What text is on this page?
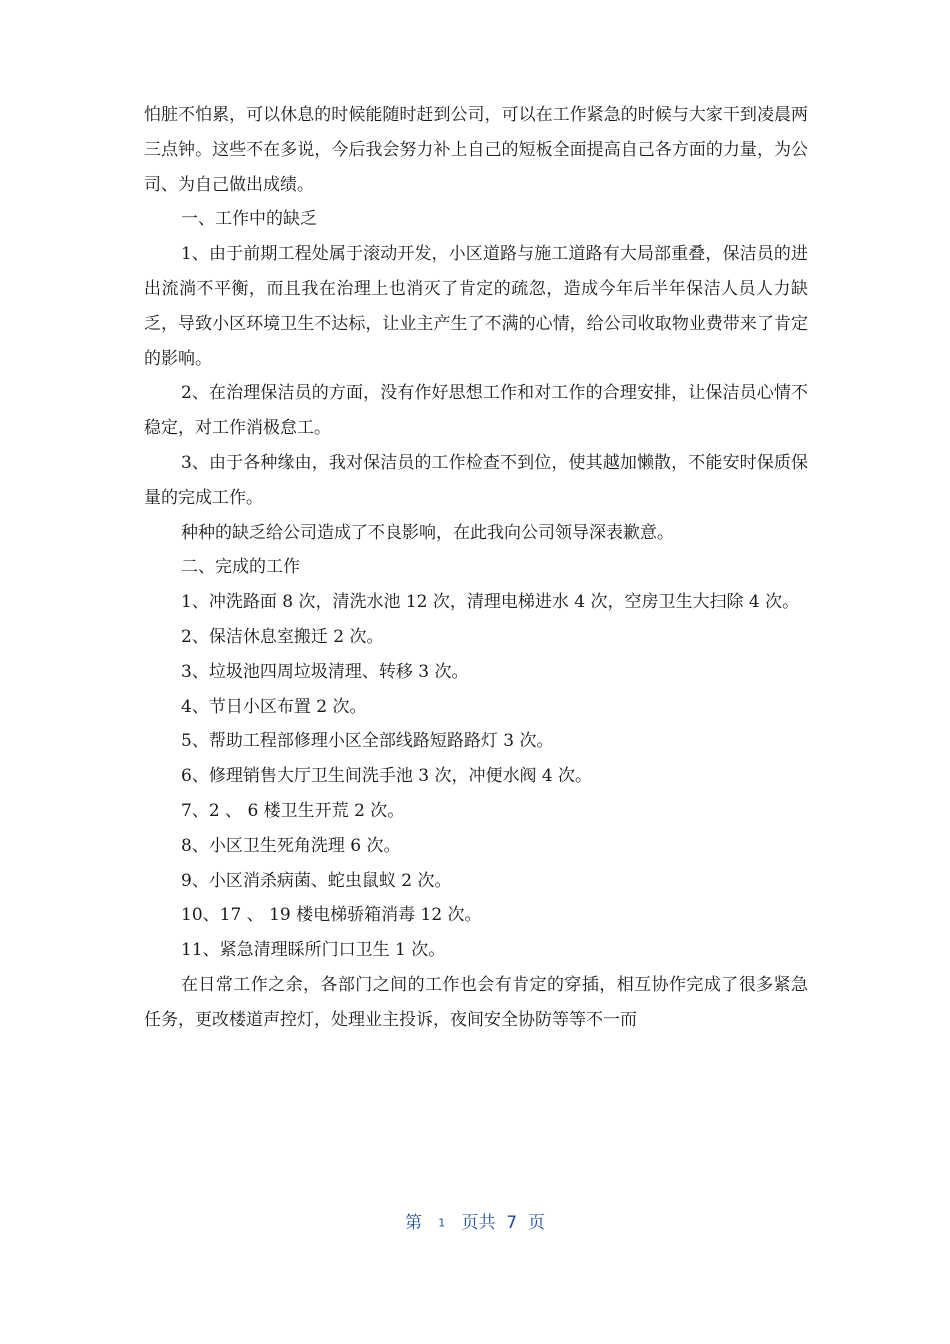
怕脏不怕累，可以休息的时候能随时赶到公司，可以在工作紧急的时候与大家干到凌晨两三点钟。这些不在多说，今后我会努力补上自己的短板全面提高自己各方面的力量，为公司、为自己做出成绩。

一、工作中的缺乏

1、由于前期工程处属于滚动开发，小区道路与施工道路有大局部重叠，保洁员的进出流淌不平衡，而且我在治理上也消灭了肯定的疏忽，造成今年后半年保洁人员人力缺乏，导致小区环境卫生不达标，让业主产生了不满的心情，给公司收取物业费带来了肯定的影响。

2、在治理保洁员的方面，没有作好思想工作和对工作的合理安排，让保洁员心情不稳定，对工作消极怠工。

3、由于各种缘由，我对保洁员的工作检查不到位，使其越加懒散，不能安时保质保量的完成工作。

种种的缺乏给公司造成了不良影响，在此我向公司领导深表歉意。

二、完成的工作

1、冲洗路面 8 次，清洗水池 12 次，清理电梯进水 4 次，空房卫生大扫除 4 次。

2、保洁休息室搬迁 2 次。

3、垃圾池四周垃圾清理、转移 3 次。

4、节日小区布置 2 次。

5、帮助工程部修理小区全部线路短路路灯 3 次。

6、修理销售大厅卫生间洗手池 3 次，冲便水阀 4 次。

7、2 、 6 楼卫生开荒 2 次。

8、小区卫生死角洗理 6 次。

9、小区消杀病菌、蛇虫鼠蚁 2 次。

10、17 、 19 楼电梯骄箱消毒 12 次。

11、紧急清理睬所门口卫生 1 次。

在日常工作之余，各部门之间的工作也会有肯定的穿插，相互协作完成了很多紧急任务，更改楼道声控灯，处理业主投诉，夜间安全协防等等不一而

第 1 页共 7 页
